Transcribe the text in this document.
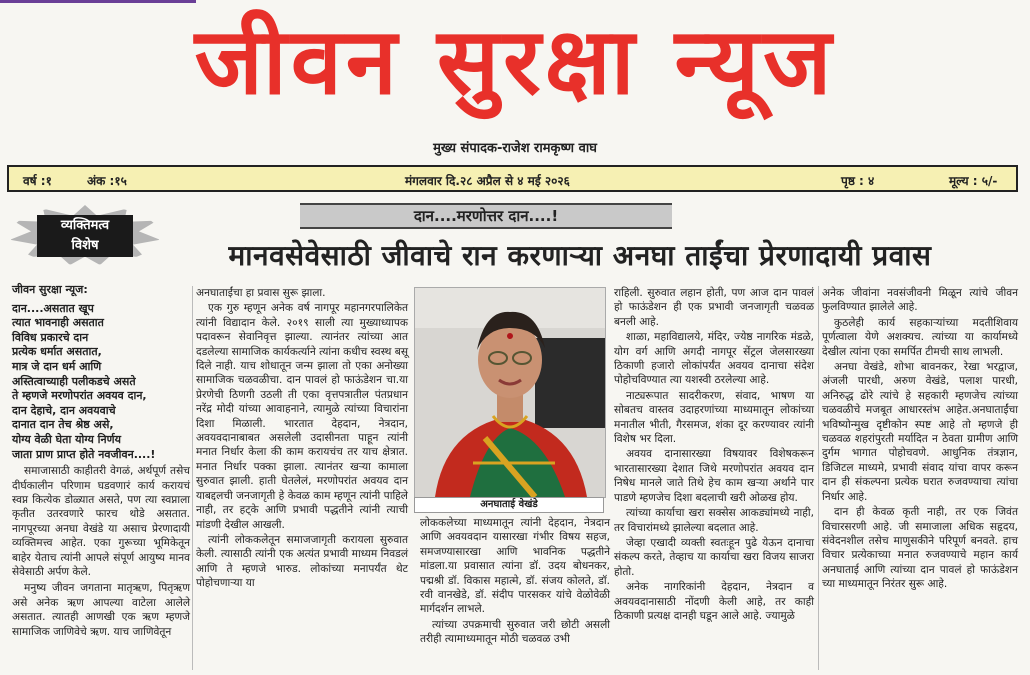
जीवन सुरक्षा न्यूज
मुख्य संपादक-राजेश रामकृष्ण वाघ
वर्ष :१	अंक :१५	मंगलवार दि.२८ अप्रैल से ४ मई २०२६	पृष्ठ : ४	मूल्य : ५/-
व्यक्तिमत्व
विशेष
जीवन सुरक्षा न्यूज:
दान....असतात खूप
त्यात भावनाही असतात
विविध प्रकारचे दान
प्रत्येक धर्मात असतात,
मात्र जे दान धर्म आणि
अस्तित्वाच्याही पलीकडचे असते
ते म्हणजे मरणोपरांत अवयव दान,
दान देहाचे, दान अवयवाचे
दानात दान तेच श्रेष्ठ असे,
योग्य वेळी घेता योग्य निर्णय
जाता प्राण प्राप्त होते नवजीवन....!

समाजासाठी काहीतरी वेगळं, अर्थपूर्ण तसेच दीर्घकालीन परिणाम घडवणारं कार्य करायचं स्वप्न कित्येक डोळ्यात असते, पण त्या स्वप्नाला कृतीत उतरवणारे फारच थोडे असतात. नागपूरच्या अनघा वेखंडे या असाच प्रेरणादायी व्यक्तिमत्त्व आहेत. एका गुरूच्या भूमिकेतून बाहेर येताच त्यांनी आपले संपूर्ण आयुष्य मानव सेवेसाठी अर्पण केले.

मनुष्य जीवन जगताना मातृऋण, पितृऋण असे अनेक ऋण आपल्या वाटेला आलेले असतात. त्यातही आणखी एक ऋण म्हणजे सामाजिक जाणिवेचे ऋण. याच जाणिवेतून

दान....मरणोत्तर दान....!
मानवसेवेसाठी जीवाचे रान करणाऱ्या अनघा ताईंचा प्रेरणादायी प्रवास

अनघाताईंचा हा प्रवास सुरू झाला.

एक गुरु म्हणून अनेक वर्ष नागपूर महानगरपालिकेत त्यांनी विद्यादान केले. २०१९ साली त्या मुख्याध्यापक पदावरून सेवानिवृत्त झाल्या. त्यानंतर त्यांच्या आत दडलेल्या सामाजिक कार्यकर्त्याने त्यांना कधीच स्वस्थ बसू दिले नाही. याच शोधातून जन्म झाला तो एका अनोख्या सामाजिक चळवळीचा. दान पावलं हो फाऊंडेशन चा.या प्रेरणेची ठिणगी उठली ती एका वृत्तपत्रातील पंतप्रधान नरेंद्र मोदी यांच्या आवाहनाने, त्यामुळे त्यांच्या विचारांना दिशा मिळाली. भारतात देहदान, नेत्रदान, अवयवदानाबाबत असलेली उदासीनता पाहून त्यांनी मनात निर्धार केला की काम करायचंच तर याच क्षेत्रात. मनात निर्धार पक्का झाला. त्यानंतर खऱ्या कामाला सुरुवात झाली. हाती घेतलेलं, मरणोपरांत अवयव दान याबद्दलची जनजागृती हे केवळ काम म्हणून त्यांनी पाहिले नाही, तर हट्के आणि प्रभावी पद्धतीने त्यांनी त्याची मांडणी देखील आखली.

त्यांनी लोककलेतून समाजजागृती करायला सुरुवात केली. त्यासाठी त्यांनी एक अत्यंत प्रभावी माध्यम निवडलं आणि ते म्हणजे भारुड. लोकांच्या मनापर्यंत थेट पोहोचणाऱ्या या

अनघाताई वेखंडे

लोककलेच्या माध्यमातून त्यांनी देहदान, नेत्रदान आणि अवयवदान यासारखा गंभीर विषय सहज, समजण्यासारखा आणि भावनिक पद्धतीने मांडला.या प्रवासात त्यांना डॉ. उदय बोधनकर, पद्मश्री डॉ. विकास महात्मे, डॉ. संजय कोलते, डॉ. रवी वानखेडे, डॉ. संदीप पारसकर यांचे वेळोवेळी मार्गदर्शन लाभले.

त्यांच्या उपक्रमाची सुरुवात जरी छोटी असली तरीही त्यामाध्यमातून मोठी चळवळ उभी

राहिली. सुरुवात लहान होती, पण आज दान पावलं हो फाऊंडेशन ही एक प्रभावी जनजागृती चळवळ बनली आहे.

शाळा, महाविद्यालये, मंदिर, ज्येष्ठ नागरिक मंडळे, योग वर्ग आणि अगदी नागपूर सेंट्रल जेलसारख्या ठिकाणी हजारो लोकांपर्यंत अवयव दानाचा संदेश पोहोचविण्यात त्या यशस्वी ठरलेल्या आहे.

नाट्यरूपात सादरीकरण, संवाद, भाषण या सोबतच वास्तव उदाहरणांच्या माध्यमातून लोकांच्या मनातील भीती, गैरसमज, शंका दूर करण्यावर त्यांनी विशेष भर दिला.

अवयव दानासारख्या विषयावर विशेषकरून भारतासारख्या देशात जिथे मरणोपरांत अवयव दान निषेध मानले जाते तिथे हेच काम खऱ्या अर्थाने पार पाडणे म्हणजेच दिशा बदलाची खरी ओळख होय.

त्यांच्या कार्याचा खरा सक्सेस आकड्यांमध्ये नाही, तर विचारांमध्ये झालेल्या बदलात आहे.

जेव्हा एखादी व्यक्ती स्वतःहून पुढे येऊन दानाचा संकल्प करते, तेव्हाच या कार्याचा खरा विजय साजरा होतो.

अनेक नागरिकांनी देहदान, नेत्रदान व अवयवदानासाठी नोंदणी केली आहे, तर काही ठिकाणी प्रत्यक्ष दानही घडून आले आहे. ज्यामुळे

अनेक जीवांना नवसंजीवनी मिळून त्यांचे जीवन फुलविण्यात झालेले आहे.

कुठलेही कार्य सहकाऱ्यांच्या मदतीशिवाय पूर्णत्वाला येणे अशक्यच. त्यांच्या या कार्यामध्ये देखील त्यांना एका समर्पित टीमची साथ लाभली.

अनघा वेखंडे, शोभा बावनकर, रेखा भरद्वाज, अंजली पारधी, अरुण वेखंडे, पलाश पारधी, अनिरुद्ध ढोरे त्यांचे हे सहकारी म्हणजेच त्यांच्या चळवळीचे मजबूत आधारस्तंभ आहेत.अनघाताईंचा भविष्योन्मुख दृष्टीकोन स्पष्ट आहे तो म्हणजे ही चळवळ शहरांपुरती मर्यादित न ठेवता ग्रामीण आणि दुर्गम भागात पोहोचवणे. आधुनिक तंत्रज्ञान, डिजिटल माध्यमे, प्रभावी संवाद यांचा वापर करून दान ही संकल्पना प्रत्येक घरात रुजवण्याचा त्यांचा निर्धार आहे.

दान ही केवळ कृती नाही, तर एक जिवंत विचारसरणी आहे. जी समाजाला अधिक सहृदय, संवेदनशील तसेच माणुसकीने परिपूर्ण बनवते. हाच विचार प्रत्येकाच्या मनात रुजवण्याचे महान कार्य अनघाताई आणि त्यांच्या दान पावलं हो फाऊंडेशन च्या माध्यमातून निरंतर सुरू आहे.
